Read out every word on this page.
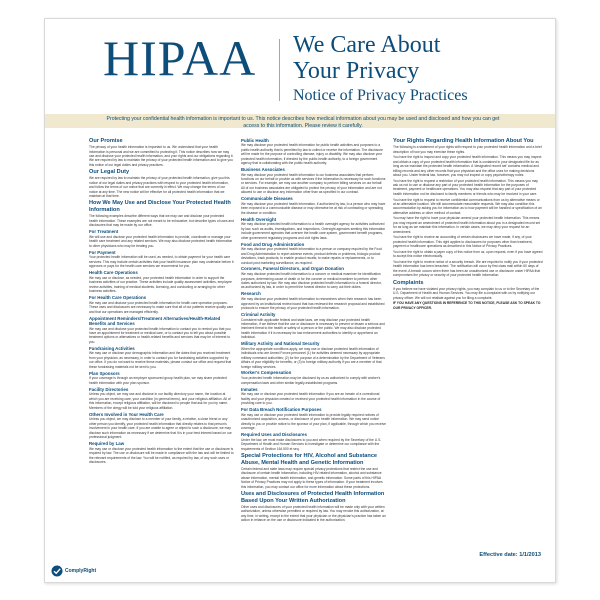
HIPAA We Care About
Your Privacy
Notice of Privacy Practices
Protecting your confidential health information is important to us. This notice describes how medical information about you may be used and disclosed and how you can get access to this information. Please review it carefully.
Our Promise
The privacy of your health information is important to us. We understand that your health information is personal and we are committed to protecting it. This notice describes how we may use and disclose your protected health information, and your rights and our obligations regarding it. We are required by law to maintain the privacy of your protected health information and to give you this notice of our legal duties and privacy practices.
Our Legal Duty
We are required by law to maintain the privacy of your protected health information, give you this notice of our legal duties and privacy practices with respect to your protected health information, and follow the terms of our notice that are currently in effect. We may change the terms of our notice at any time. The new notice will be effective for all protected health information that we maintain at that time.
How We May Use and Disclose Your Protected Health Information
The following examples describe different ways that we may use and disclose your protected health information. These examples are not meant to be exhaustive, but describe types of uses and disclosures that may be made by our office.
For Treatment
We will use and disclose your protected health information to provide, coordinate or manage your health care treatment and any related services. We may also disclose protected health information to other physicians who may be treating you.
For Payment
Your protected health information will be used, as needed, to obtain payment for your health care services. This may include certain activities that your health insurance plan may undertake before it approves or pays for the health care services we recommend for you.
Health Care Operations
We may use or disclose, as needed, your protected health information in order to support the business activities of our practice. These activities include quality assessment activities, employee review activities, training of medical students, licensing, and conducting or arranging for other business activities.
For Health Care Operations
We may use and disclose your protected health information for health care operation purposes. These uses and disclosures are necessary to make sure that all of our patients receive quality care and that our operations are managed efficiently.
Appointment Reminders/Treatment Alternatives/Health-Related Benefits and Services
We may use and disclose your protected health information to contact you to remind you that you have an appointment for treatment or medical care, or to contact you to tell you about possible treatment options or alternatives or health-related benefits and services that may be of interest to you.
Fundraising Activities
We may use or disclose your demographic information and the dates that you received treatment from your physician, as necessary, in order to contact you for fundraising activities supported by our office. If you do not want to receive these materials, please contact our office and request that these fundraising materials not be sent to you.
Plan Sponsors
If your coverage is through an employer sponsored group health plan, we may share protected health information with your plan sponsor.
Facility Directories
Unless you object, we may use and disclose in our facility directory your name, the location at which you are receiving care, your condition (in general terms), and your religious affiliation. All of this information, except religious affiliation, will be disclosed to people that ask for you by name. Members of the clergy will be told your religious affiliation.
Others Involved in Your Health Care
Unless you object, we may disclose to a member of your family, a relative, a close friend or any other person you identify, your protected health information that directly relates to that person's involvement in your health care. If you are unable to agree or object to such a disclosure, we may disclose such information as necessary if we determine that it is in your best interest based on our professional judgment.
Required by Law
We may use or disclose your protected health information to the extent that the use or disclosure is required by law. The use or disclosure will be made in compliance with the law and will be limited to the relevant requirements of the law. You will be notified, as required by law, of any such uses or disclosures.
Public Health
We may disclose your protected health information for public health activities and purposes to a public health authority that is permitted by law to collect or receive the information. The disclosure will be made for the purpose of controlling disease, injury or disability. We may also disclose your protected health information, if directed by the public health authority, to a foreign government agency that is collaborating with the public health authority.
Business Associates
We may disclose your protected health information to our business associates that perform functions on our behalf or provide us with services if the information is necessary for such functions or services. For example, we may use another company to perform billing services on our behalf. All of our business associates are obligated to protect the privacy of your information and are not allowed to use or disclose any information other than as specified in our contract.
Communicable Diseases
We may disclose your protected health information, if authorized by law, to a person who may have been exposed to a communicable disease or may otherwise be at risk of contracting or spreading the disease or condition.
Health Oversight
We may disclose protected health information to a health oversight agency for activities authorized by law, such as audits, investigations, and inspections. Oversight agencies seeking this information include government agencies that oversee the health care system, government benefit programs, other government regulatory programs and civil rights laws.
Food and Drug Administration
We may disclose your protected health information to a person or company required by the Food and Drug Administration to report adverse events, product defects or problems, biologic product deviations, track products; to enable product recalls; to make repairs or replacements, or to conduct post marketing surveillance, as required.
Coroners, Funeral Directors, and Organ Donation
We may disclose protected health information to a coroner or medical examiner for identification purposes, determining cause of death or for the coroner or medical examiner to perform other duties authorized by law. We may also disclose protected health information to a funeral director, as authorized by law, in order to permit the funeral director to carry out their duties.
Research
We may disclose your protected health information to researchers when their research has been approved by an institutional review board that has reviewed the research proposal and established protocols to ensure the privacy of your protected health information.
Criminal Activity
Consistent with applicable federal and state laws, we may disclose your protected health information, if we believe that the use or disclosure is necessary to prevent or lessen a serious and imminent threat to the health or safety of a person or the public. We may also disclose protected health information if it is necessary for law enforcement authorities to identify or apprehend an individual.
Military Activity and National Security
When the appropriate conditions apply, we may use or disclose protected health information of individuals who are Armed Forces personnel (1) for activities deemed necessary by appropriate military command authorities; (2) for the purpose of a determination by the Department of Veterans Affairs of your eligibility for benefits, or (3) to foreign military authority if you are a member of that foreign military services.
Worker's Compensation
Your protected health information may be disclosed by us as authorized to comply with worker's compensation laws and other similar legally-established programs.
Inmates
We may use or disclose your protected health information if you are an inmate of a correctional facility and your physician created or received your protected health information in the course of providing care to you.
For Data Breach Notification Purposes
We may use or disclose your protected health information to provide legally required notices of unauthorized acquisition, access, or disclosure of your health information. We may send notice directly to you or provide notice to the sponsor of your plan, if applicable, through which you receive coverage.
Required Uses and Disclosures
Under the law, we must make disclosures to you and when required by the Secretary of the U.S. Department of Health and Human Services to investigate or determine our compliance with the requirements of Section 164.500 et seq.
Special Protections for HIV, Alcohol and Substance Abuse, Mental Health and Genetic Information
Certain federal and state laws may require special privacy protections that restrict the use and disclosure of certain health information, including HIV-related information, alcohol and substance abuse information, mental health information, and genetic information. Some parts of this HIPAA Notice of Privacy Practices may not apply to these types of information. If your treatment involves this information, you may contact our office for more information about these protections.
Uses and Disclosures of Protected Health Information Based Upon Your Written Authorization
Other uses and disclosures of your protected health information will be made only with your written authorization, unless otherwise permitted or required by law. You may revoke this authorization, at any time, in writing, except to the extent that your physician or the physician's practice has taken an action in reliance on the use or disclosure indicated in the authorization.
Your Rights Regarding Health Information About You
The following is a statement of your rights with respect to your protected health information and a brief description of how you may exercise these rights.
You have the right to inspect and copy your protected health information. This means you may inspect and obtain a copy of your protected health information that is contained in your designated file for as long as we maintain the protected health information. A 'designated record set' contains medical and billing records and any other records that your physician and the office uses for making decisions about you. Under federal law, however, you may not inspect or copy psychotherapy notes.
You have the right to request a restriction of your protected health information. This means you may ask us not to use or disclose any part of your protected health information for the purposes of treatment, payment or healthcare operations. You may also request that any part of your protected health information not be disclosed to family members or friends who may be involved in your care.
You have the right to request to receive confidential communications from us by alternative means or at an alternative location. We will accommodate reasonable requests. We may also condition this accommodation by asking you for information as to how payment will be handled or specification of an alternative address or other method of contact.
You may have the right to have your physician amend your protected health information. This means you may request an amendment of protected health information about you in a designated record set for as long as we maintain this information. In certain cases, we may deny your request for an amendment.
You have the right to receive an accounting of certain disclosures we have made, if any, of your protected health information. This right applies to disclosures for purposes other than treatment, payment or healthcare operations as described in this Notice of Privacy Practices.
You have the right to obtain a paper copy of this notice from us, upon request, even if you have agreed to accept this notice electronically.
You have the right to receive notice of a security breach. We are required to notify you if your protected health information has been breached. The notification will occur by first class mail within 60 days of the event. A breach occurs when there has been an unauthorized use or disclosure under HIPAA that compromises the privacy or security of your protected health information.
Complaints
If you believe we have violated your privacy rights, you may complain to us or to the Secretary of the U.S. Department of Health and Human Services. You may file a complaint with us by notifying our privacy officer. We will not retaliate against you for filing a complaint.
IF YOU HAVE ANY QUESTIONS IN REFERENCE TO THIS NOTICE, PLEASE ASK TO SPEAK TO OUR PRIVACY OFFICER.
Effective date: 1/1/2013
ComplyRight
